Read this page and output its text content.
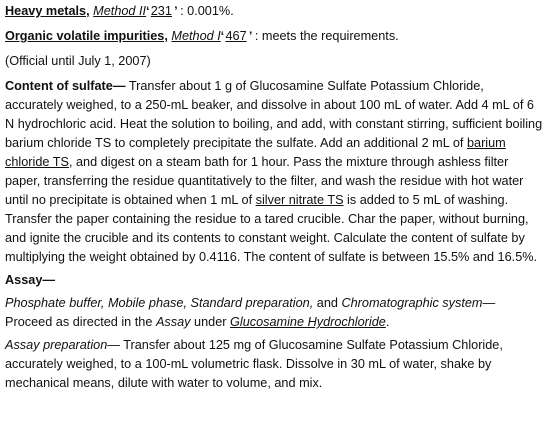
Heavy metals, Method II‘ 231 ’ : 0.001%.

Organic volatile impurities, Method I‘ 467 ’ : meets the requirements.

(Official until July 1, 2007)

Content of sulfate— Transfer about 1 g of Glucosamine Sulfate Potassium Chloride, accurately weighed, to a 250-mL beaker, and dissolve in about 100 mL of water. Add 4 mL of 6 N hydrochloric acid. Heat the solution to boiling, and add, with constant stirring, sufficient boiling barium chloride TS to completely precipitate the sulfate. Add an additional 2 mL of barium chloride TS, and digest on a steam bath for 1 hour. Pass the mixture through ashless filter paper, transferring the residue quantitatively to the filter, and wash the residue with hot water until no precipitate is obtained when 1 mL of silver nitrate TS is added to 5 mL of washing. Transfer the paper containing the residue to a tared crucible. Char the paper, without burning, and ignite the crucible and its contents to constant weight. Calculate the content of sulfate by multiplying the weight obtained by 0.4116. The content of sulfate is between 15.5% and 16.5%.

Assay—

Phosphate buffer, Mobile phase, Standard preparation, and Chromatographic system— Proceed as directed in the Assay under Glucosamine Hydrochloride.

Assay preparation— Transfer about 125 mg of Glucosamine Sulfate Potassium Chloride, accurately weighed, to a 100-mL volumetric flask. Dissolve in 30 mL of water, shake by mechanical means, dilute with water to volume, and mix.
